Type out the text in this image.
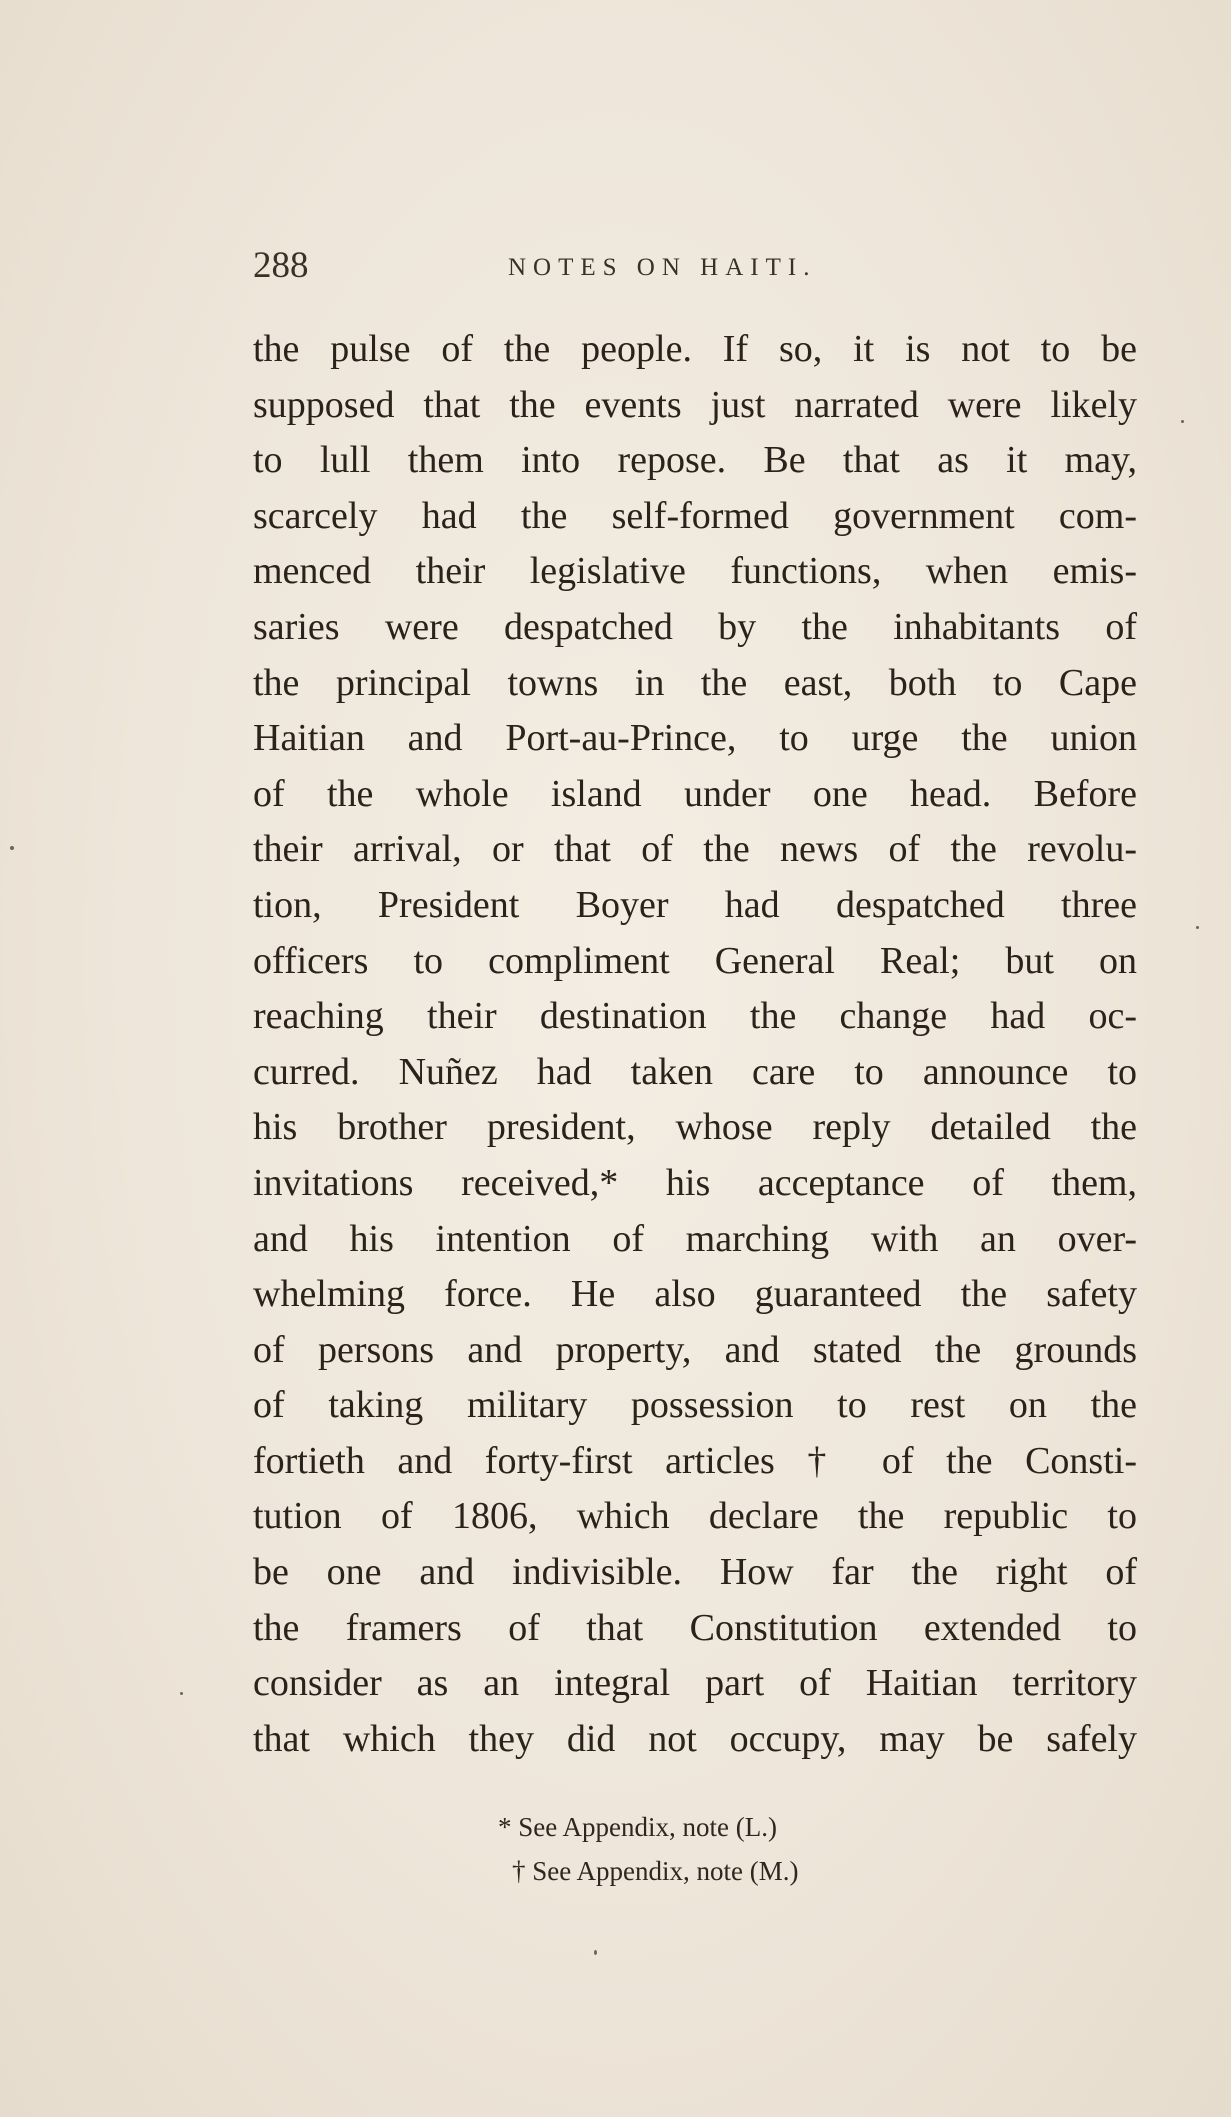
288	NOTES ON HAITI.
the pulse of the people. If so, it is not to be
supposed that the events just narrated were likely
to lull them into repose. Be that as it may,
scarcely had the self-formed government com-
menced their legislative functions, when emis-
saries were despatched by the inhabitants of
the principal towns in the east, both to Cape
Haitian and Port-au-Prince, to urge the union
of the whole island under one head. Before
their arrival, or that of the news of the revolu-
tion, President Boyer had despatched three
officers to compliment General Real; but on
reaching their destination the change had oc-
curred. Nuñez had taken care to announce to
his brother president, whose reply detailed the
invitations received,* his acceptance of them,
and his intention of marching with an over-
whelming force. He also guaranteed the safety
of persons and property, and stated the grounds
of taking military possession to rest on the
fortieth and forty-first articles † of the Consti-
tution of 1806, which declare the republic to
be one and indivisible. How far the right of
the framers of that Constitution extended to
consider as an integral part of Haitian territory
that which they did not occupy, may be safely
* See Appendix, note (L.)
† See Appendix, note (M.)
